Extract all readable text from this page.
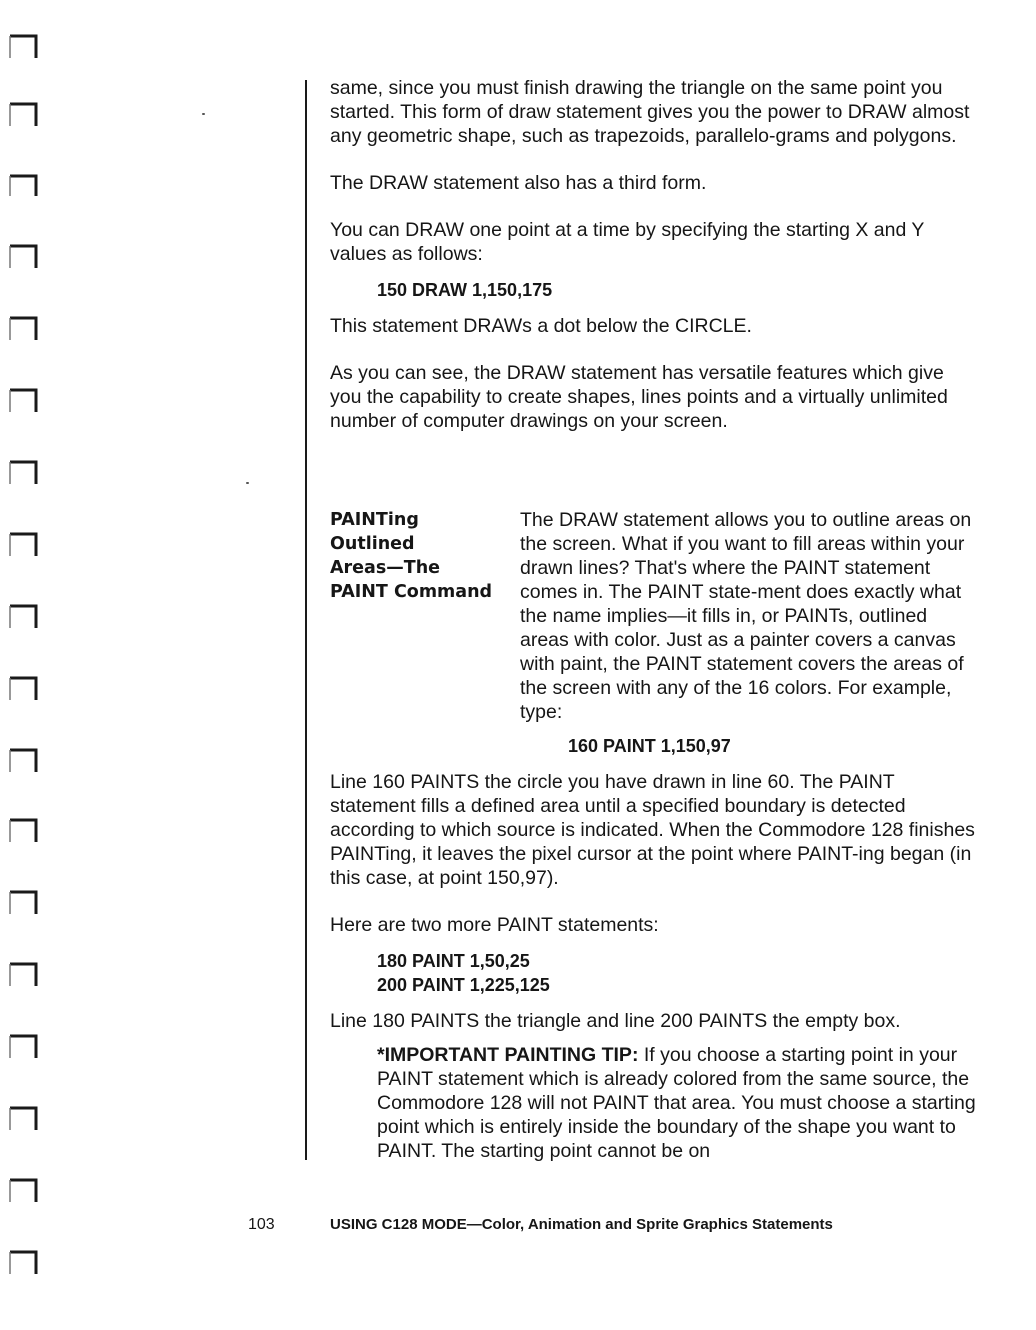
same, since you must finish drawing the triangle on the same point you started. This form of draw statement gives you the power to DRAW almost any geometric shape, such as trapezoids, parallelo-grams and polygons.

The DRAW statement also has a third form.

You can DRAW one point at a time by specifying the starting X and Y values as follows:

150 DRAW 1,150,175

This statement DRAWs a dot below the CIRCLE.

As you can see, the DRAW statement has versatile features which give you the capability to create shapes, lines points and a virtually unlimited number of computer drawings on your screen.

PAINTing
Outlined
Areas—The
PAINT Command

The DRAW statement allows you to outline areas on the screen. What if you want to fill areas within your drawn lines? That's where the PAINT statement comes in. The PAINT state-ment does exactly what the name implies—it fills in, or PAINTs, outlined areas with color. Just as a painter covers a canvas with paint, the PAINT statement covers the areas of the screen with any of the 16 colors. For example, type:

160 PAINT 1,150,97

Line 160 PAINTS the circle you have drawn in line 60. The PAINT statement fills a defined area until a specified boundary is detected according to which source is indicated. When the Commodore 128 finishes PAINTing, it leaves the pixel cursor at the point where PAINT-ing began (in this case, at point 150,97).

Here are two more PAINT statements:

180 PAINT 1,50,25

200 PAINT 1,225,125

Line 180 PAINTS the triangle and line 200 PAINTS the empty box.

*IMPORTANT PAINTING TIP: If you choose a starting point in your PAINT statement which is already colored from the same source, the Commodore 128 will not PAINT that area. You must choose a starting point which is entirely inside the boundary of the shape you want to PAINT. The starting point cannot be on

103	USING C128 MODE—Color, Animation and Sprite Graphics Statements
